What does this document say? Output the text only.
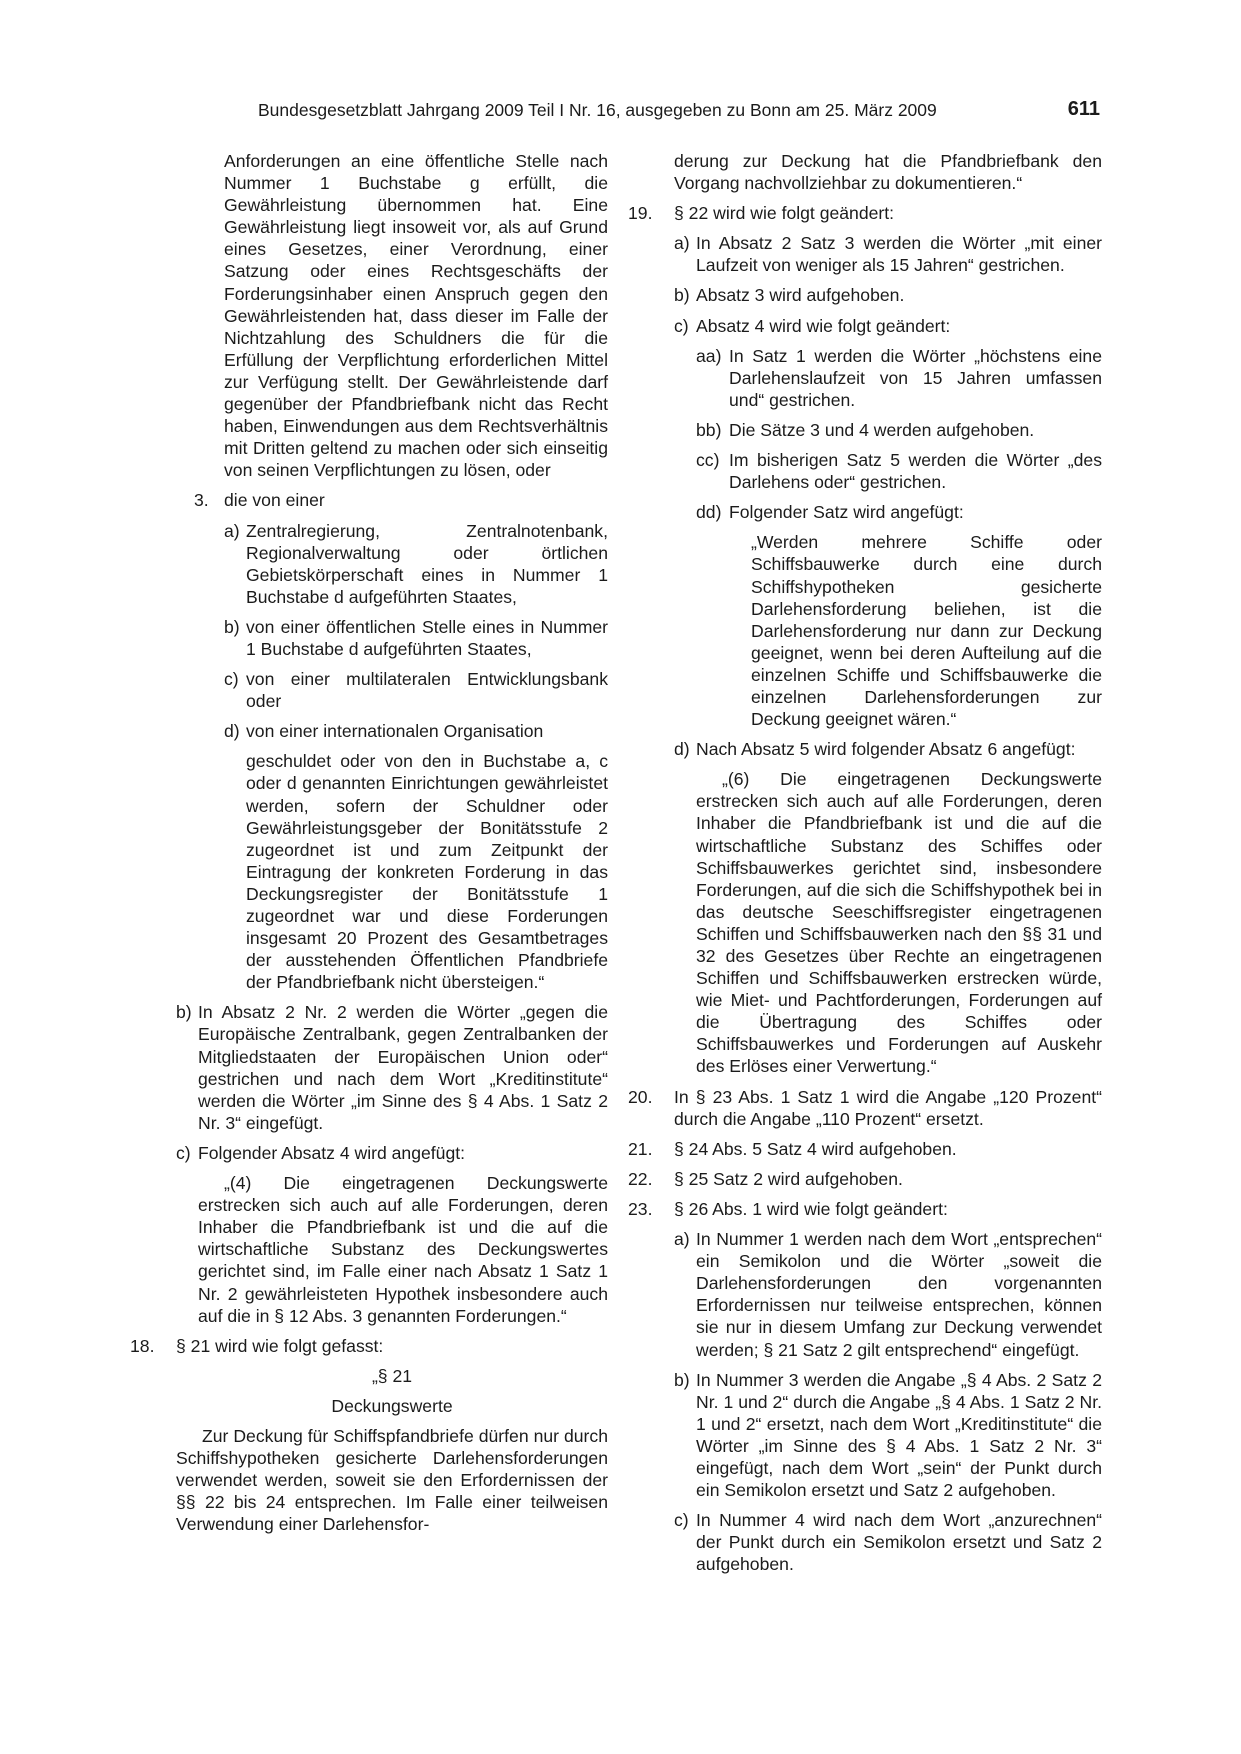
Bundesgesetzblatt Jahrgang 2009 Teil I Nr. 16, ausgegeben zu Bonn am 25. März 2009	611

Anforderungen an eine öffentliche Stelle nach Nummer 1 Buchstabe g erfüllt, die Gewährleistung übernommen hat. Eine Gewährleistung liegt insoweit vor, als auf Grund eines Gesetzes, einer Verordnung, einer Satzung oder eines Rechtsgeschäfts der Forderungsinhaber einen Anspruch gegen den Gewährleistenden hat, dass dieser im Falle der Nichtzahlung des Schuldners die für die Erfüllung der Verpflichtung erforderlichen Mittel zur Verfügung stellt. Der Gewährleistende darf gegenüber der Pfandbriefbank nicht das Recht haben, Einwendungen aus dem Rechtsverhältnis mit Dritten geltend zu machen oder sich einseitig von seinen Verpflichtungen zu lösen, oder

3. die von einer

a) Zentralregierung, Zentralnotenbank, Regionalverwaltung oder örtlichen Gebietskörperschaft eines in Nummer 1 Buchstabe d aufgeführten Staates,

b) von einer öffentlichen Stelle eines in Nummer 1 Buchstabe d aufgeführten Staates,

c) von einer multilateralen Entwicklungsbank oder

d) von einer internationalen Organisation

geschuldet oder von den in Buchstabe a, c oder d genannten Einrichtungen gewährleistet werden, sofern der Schuldner oder Gewährleistungsgeber der Bonitätsstufe 2 zugeordnet ist und zum Zeitpunkt der Eintragung der konkreten Forderung in das Deckungsregister der Bonitätsstufe 1 zugeordnet war und diese Forderungen insgesamt 20 Prozent des Gesamtbetrages der ausstehenden Öffentlichen Pfandbriefe der Pfandbriefbank nicht übersteigen.“

b) In Absatz 2 Nr. 2 werden die Wörter „gegen die Europäische Zentralbank, gegen Zentralbanken der Mitgliedstaaten der Europäischen Union oder“ gestrichen und nach dem Wort „Kreditinstitute“ werden die Wörter „im Sinne des § 4 Abs. 1 Satz 2 Nr. 3“ eingefügt.

c) Folgender Absatz 4 wird angefügt:

„(4) Die eingetragenen Deckungswerte erstrecken sich auch auf alle Forderungen, deren Inhaber die Pfandbriefbank ist und die auf die wirtschaftliche Substanz des Deckungswertes gerichtet sind, im Falle einer nach Absatz 1 Satz 1 Nr. 2 gewährleisteten Hypothek insbesondere auch auf die in § 12 Abs. 3 genannten Forderungen.“

18. § 21 wird wie folgt gefasst:

„§ 21

Deckungswerte

Zur Deckung für Schiffspfandbriefe dürfen nur durch Schiffshypotheken gesicherte Darlehensforderungen verwendet werden, soweit sie den Erfordernissen der §§ 22 bis 24 entsprechen. Im Falle einer teilweisen Verwendung einer Darlehensfor-

derung zur Deckung hat die Pfandbriefbank den Vorgang nachvollziehbar zu dokumentieren.“

19. § 22 wird wie folgt geändert:

a) In Absatz 2 Satz 3 werden die Wörter „mit einer Laufzeit von weniger als 15 Jahren“ gestrichen.

b) Absatz 3 wird aufgehoben.

c) Absatz 4 wird wie folgt geändert:

aa) In Satz 1 werden die Wörter „höchstens eine Darlehenslaufzeit von 15 Jahren umfassen und“ gestrichen.

bb) Die Sätze 3 und 4 werden aufgehoben.

cc) Im bisherigen Satz 5 werden die Wörter „des Darlehens oder“ gestrichen.

dd) Folgender Satz wird angefügt:

„Werden mehrere Schiffe oder Schiffsbauwerke durch eine durch Schiffshypotheken gesicherte Darlehensforderung beliehen, ist die Darlehensforderung nur dann zur Deckung geeignet, wenn bei deren Aufteilung auf die einzelnen Schiffe und Schiffsbauwerke die einzelnen Darlehensforderungen zur Deckung geeignet wären.“

d) Nach Absatz 5 wird folgender Absatz 6 angefügt:

„(6) Die eingetragenen Deckungswerte erstrecken sich auch auf alle Forderungen, deren Inhaber die Pfandbriefbank ist und die auf die wirtschaftliche Substanz des Schiffes oder Schiffsbauwerkes gerichtet sind, insbesondere Forderungen, auf die sich die Schiffshypothek bei in das deutsche Seeschiffsregister eingetragenen Schiffen und Schiffsbauwerken nach den §§ 31 und 32 des Gesetzes über Rechte an eingetragenen Schiffen und Schiffsbauwerken erstrecken würde, wie Miet- und Pachtforderungen, Forderungen auf die Übertragung des Schiffes oder Schiffsbauwerkes und Forderungen auf Auskehr des Erlöses einer Verwertung.“

20. In § 23 Abs. 1 Satz 1 wird die Angabe „120 Prozent“ durch die Angabe „110 Prozent“ ersetzt.

21. § 24 Abs. 5 Satz 4 wird aufgehoben.

22. § 25 Satz 2 wird aufgehoben.

23. § 26 Abs. 1 wird wie folgt geändert:

a) In Nummer 1 werden nach dem Wort „entsprechen“ ein Semikolon und die Wörter „soweit die Darlehensforderungen den vorgenannten Erfordernissen nur teilweise entsprechen, können sie nur in diesem Umfang zur Deckung verwendet werden; § 21 Satz 2 gilt entsprechend“ eingefügt.

b) In Nummer 3 werden die Angabe „§ 4 Abs. 2 Satz 2 Nr. 1 und 2“ durch die Angabe „§ 4 Abs. 1 Satz 2 Nr. 1 und 2“ ersetzt, nach dem Wort „Kreditinstitute“ die Wörter „im Sinne des § 4 Abs. 1 Satz 2 Nr. 3“ eingefügt, nach dem Wort „sein“ der Punkt durch ein Semikolon ersetzt und Satz 2 aufgehoben.

c) In Nummer 4 wird nach dem Wort „anzurechnen“ der Punkt durch ein Semikolon ersetzt und Satz 2 aufgehoben.
